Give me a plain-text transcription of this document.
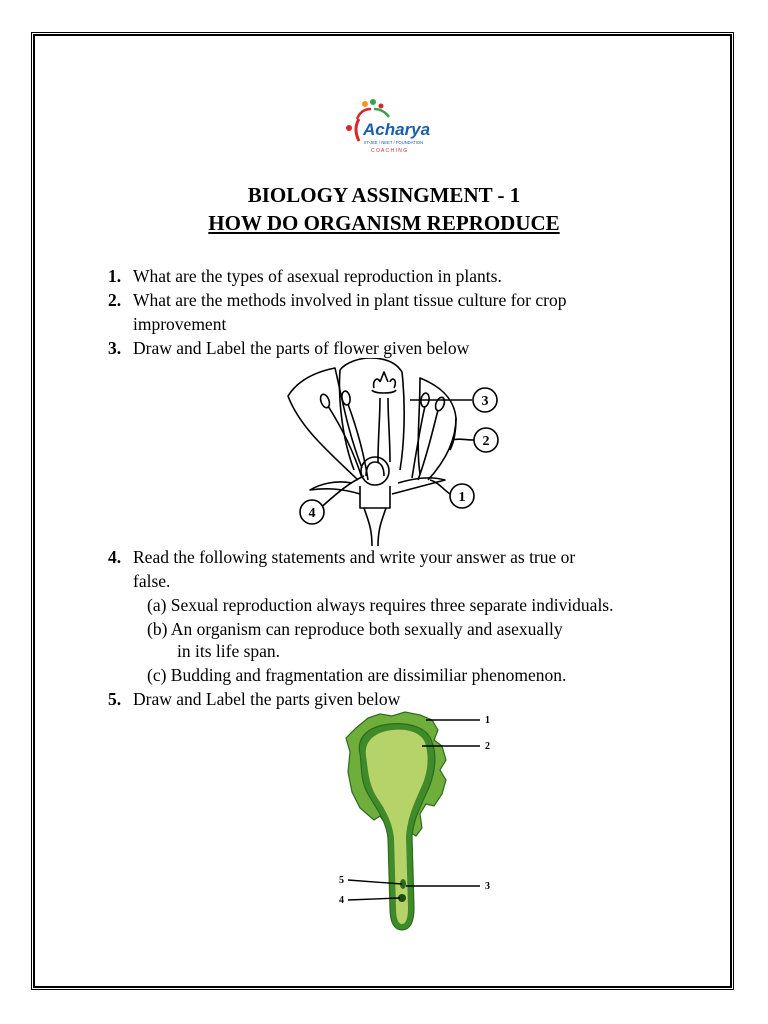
Acharya
IIT-JEE / NEET / FOUNDATION
C O A C H I N G
BIOLOGY ASSINGMENT - 1
HOW DO ORGANISM REPRODUCE
1. What are the types of asexual reproduction in plants.
2. What are the methods involved in plant tissue culture for crop
improvement
3. Draw and Label the parts of flower given below
3
2
1
4
4. Read the following statements and write your answer as true or
false.
(a) Sexual reproduction always requires three separate individuals.
(b) An organism can reproduce both sexually and asexually
in its life span.
(c) Budding and fragmentation are dissimiliar phenomenon.
5. Draw and Label the parts given below
1
2
3
4
5
